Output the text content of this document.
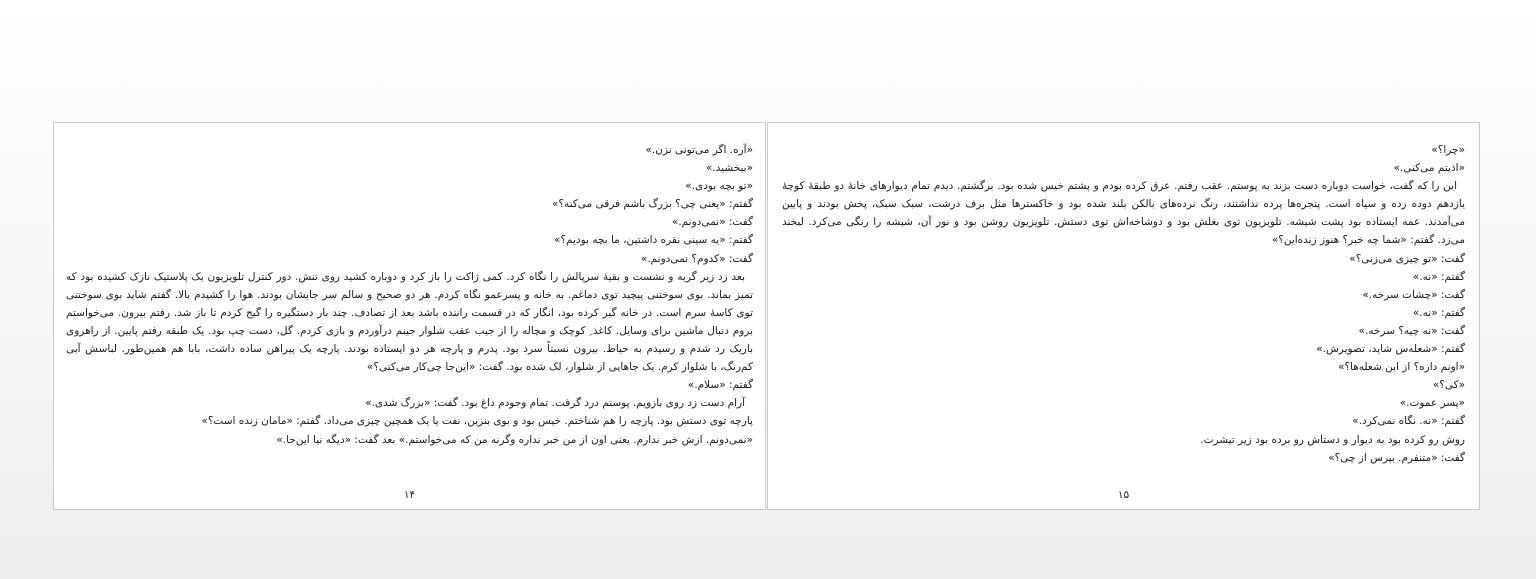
«آره. اگر می‌تونی نزن.»

«ببخشید.»

«تو بچه بودی.»

گفتم: «یعنی چی؟ بزرگ باشم فرقی می‌کنه؟»

گفت: «نمی‌دونم.»

گفتم: «یه سینی نقره داشتین، ما بچه بودیم؟»

گفت: «کدوم؟ نمی‌دونم.»

بعد زد زیر گریه و نشست و بقیهٔ سرپالش را نگاه کرد. کمی ژاکت را باز کرد و دوباره کشید روی تنش. دور کنترل تلویزیون یک پلاستیک نازک کشیده بود که تمیز بماند. بوی سوختنی پیچید توی دماغم. به خانه و پسرعمو نگاه کردم. هر دو صحیح و سالم سر جایشان بودند. هوا را کشیدم بالا. گفتم شاید بوی سوختنی توی کاسهٔ سرم است. در خانه گیر کرده بود، انگار که در قسمت راننده باشد بعد از تصادف. چند بار دستگیره را گیج کردم تا باز شد. رفتم بیرون. می‌خواستم بروم دنبال ماشین برای وسایل. کاغذ ِ کوچک و مچاله را از جیب عقب شلوار جینم درآوردم و بازی کردم. گل، دست چپ بود. یک طبقه رفتم پایین. از راهروی باریک رد شدم و رسیدم به حیاط. بیرون نسبتاً سرد بود. پدرم و پارچه هر دو ایستاده بودند. پارچه یک پیراهن ساده داشت، بابا هم همین‌طور. لباسش آبی کم‌رنگ، با شلوار کرم. یک جاهایی از شلوار، لک شده بود. گفت: «این‌جا چی‌کار می‌کنی؟»

گفتم: «سلام.»

آرام دست زد روی بازویم. پوستم درد گرفت. تمام وجودم داغ بود. گفت: «بزرگ شدی.»

پارچه توی دستش بود. پارچه را هم شناختم. خیس بود و بوی بنزین، نفت یا یک همچین چیزی می‌داد. گفتم: «مامان زنده است؟»

«نمی‌دونم. ازش خبر ندارم. یعنی اون از من خبر نداره وگرنه من که می‌خواستم.» بعد گفت: «دیگه نیا این‌جا.»

۱۴

«چرا؟»

«اذیتم می‌کنی.»

این را که گفت، خواست دوباره دست بزند به پوستم. عقب رفتم. عرق کرده بودم و پشتم خیس شده بود. برگشتم. دیدم تمام دیوارهای خانهٔ دو طبقهٔ کوچهٔ یازدهم دوده زده و سیاه است. پنجره‌ها پرده نداشتند، رنگ نرده‌های بالکن بلند شده بود و خاکسترها مثل برف درشت، سبک سبک، پخش بودند و پایین می‌آمدند. عمه ایستاده بود پشت شیشه. تلویزیون توی بغلش بود و دوشاخه‌اش توی دستش. تلویزیون روشن بود و نور آن، شیشه را رنگی می‌کرد. لبخند می‌زد. گفتم: «شما چه خبر؟ هنوز زنده‌این؟»

گفت: «تو چیزی می‌زنی؟»

گفتم: «نه.»

گفت: «چشات سرخه.»

گفتم: «نه.»

گفت: «نه چیه؟ سرخه.»

گفتم: «شعله‌س شاید، تصویرش.»

«اونم داره؟ از این شعله‌ها؟»

«کی؟»

«پسر عموت.»

گفتم: «نه. نگاه نمی‌کرد.»

روش رو کرده بود به دیوار و دستاش رو برده بود زیر تیشرت.

گفت: «متنفرم. بپرس از چی؟»

۱۵
